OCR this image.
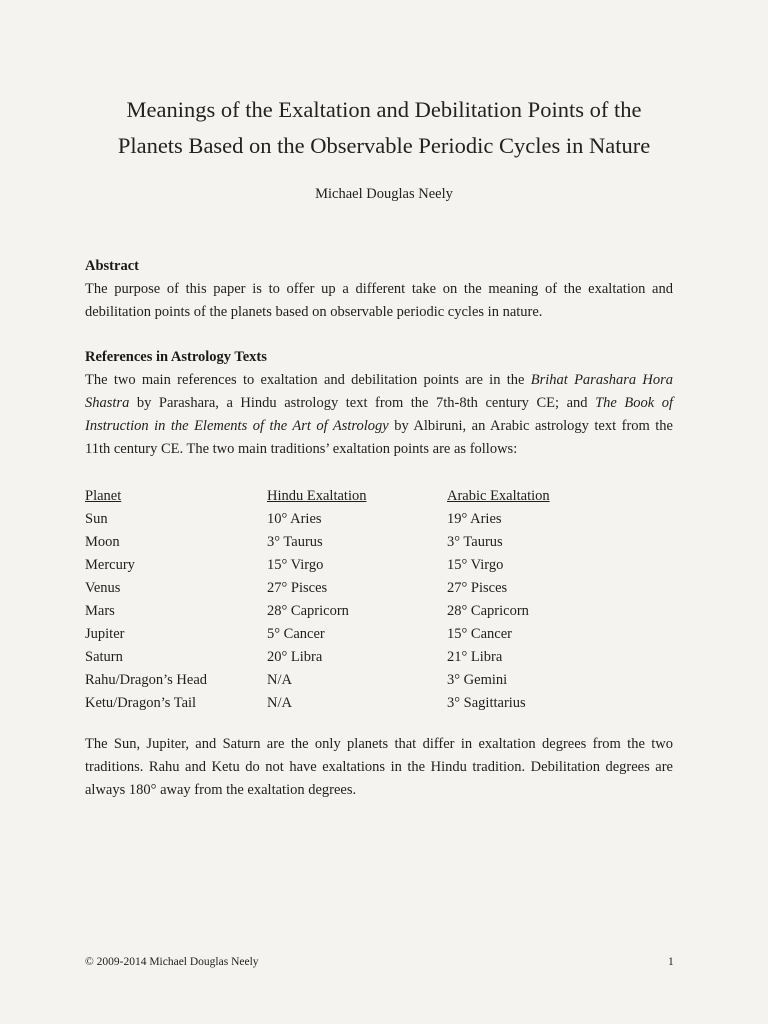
Meanings of the Exaltation and Debilitation Points of the
Planets Based on the Observable Periodic Cycles in Nature
Michael Douglas Neely
Abstract
The purpose of this paper is to offer up a different take on the meaning of the exaltation and
debilitation points of the planets based on observable periodic cycles in nature.
References in Astrology Texts
The two main references to exaltation and debilitation points are in the Brihat Parashara Hora
Shastra by Parashara, a Hindu astrology text from the 7th-8th century CE; and The Book of
Instruction in the Elements of the Art of Astrology by Albiruni, an Arabic astrology text from the
11th century CE. The two main traditions’ exaltation points are as follows:
Planet	Hindu Exaltation	Arabic Exaltation
Sun	10° Aries	19° Aries
Moon	3° Taurus	3° Taurus
Mercury	15° Virgo	15° Virgo
Venus	27° Pisces	27° Pisces
Mars	28° Capricorn	28° Capricorn
Jupiter	5° Cancer	15° Cancer
Saturn	20° Libra	21° Libra
Rahu/Dragon’s Head	N/A	3° Gemini
Ketu/Dragon’s Tail	N/A	3° Sagittarius
The Sun, Jupiter, and Saturn are the only planets that differ in exaltation degrees from the two
traditions. Rahu and Ketu do not have exaltations in the Hindu tradition. Debilitation degrees are
always 180° away from the exaltation degrees.
© 2009-2014 Michael Douglas Neely	1
